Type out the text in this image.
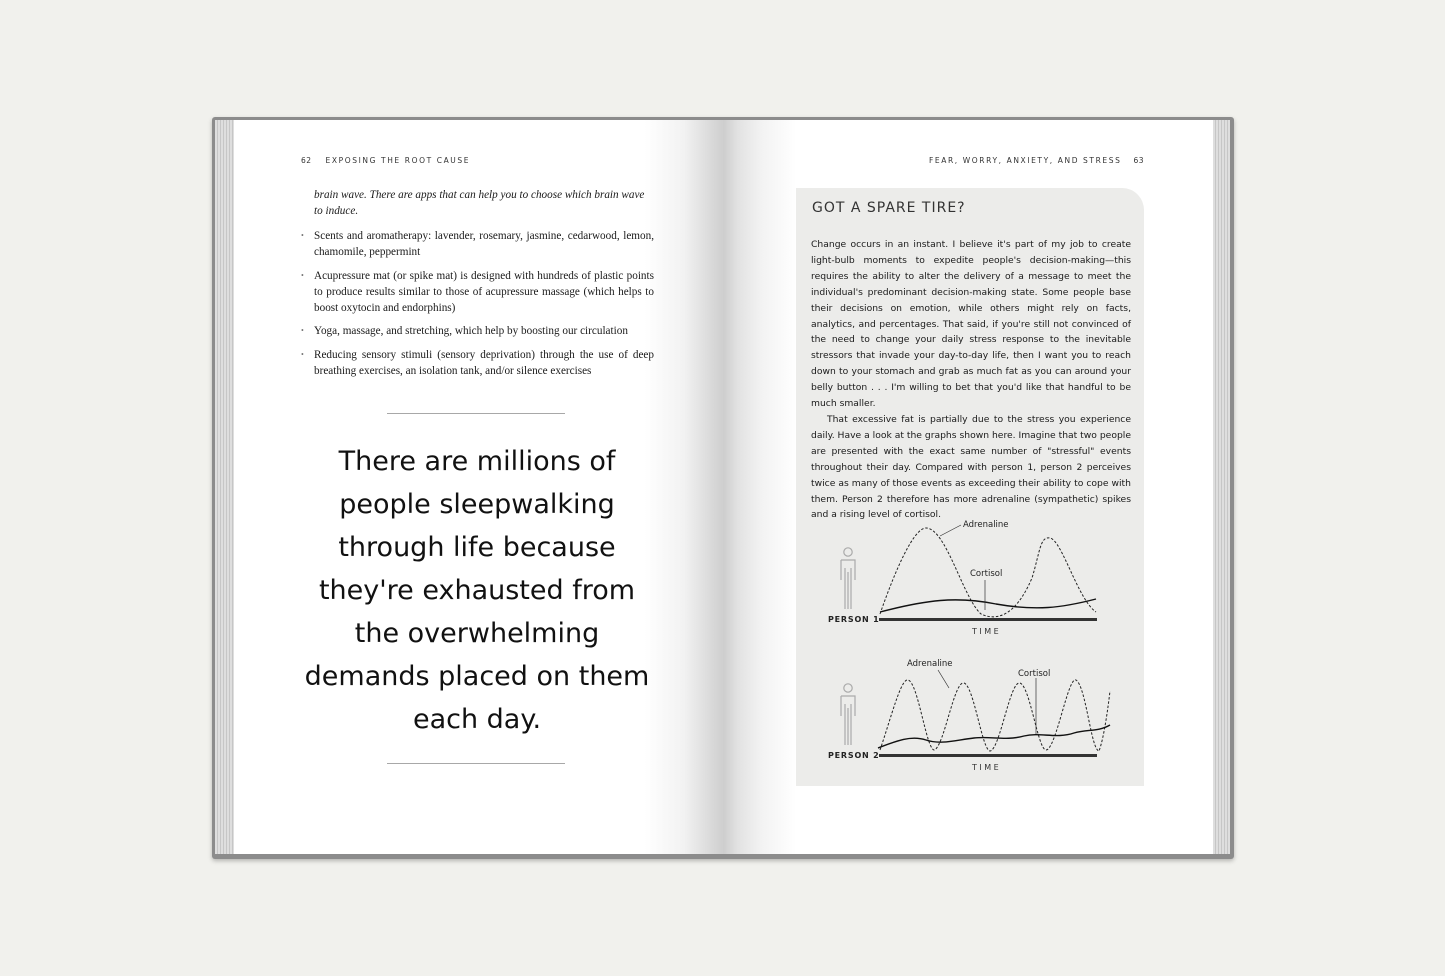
62 EXPOSING THE ROOT CAUSE

brain wave. There are apps that can help you to choose which brain wave to induce.

• Scents and aromatherapy: lavender, rosemary, jasmine, cedarwood, lemon, chamomile, peppermint
• Acupressure mat (or spike mat) is designed with hundreds of plastic points to produce results similar to those of acupressure massage (which helps to boost oxytocin and endorphins)
• Yoga, massage, and stretching, which help by boosting our circulation
• Reducing sensory stimuli (sensory deprivation) through the use of deep breathing exercises, an isolation tank, and/or silence exercises
There are millions of people sleepwalking through life because they're exhausted from the overwhelming demands placed on them each day.
FEAR, WORRY, ANXIETY, AND STRESS 63
GOT A SPARE TIRE?

Change occurs in an instant. I believe it's part of my job to create light-bulb moments to expedite people's decision-making—this requires the ability to alter the delivery of a message to meet the individual's predominant decision-making state. Some people base their decisions on emotion, while others might rely on facts, analytics, and percentages. That said, if you're still not convinced of the need to change your daily stress response to the inevitable stressors that invade your day-to-day life, then I want you to reach down to your stomach and grab as much fat as you can around your belly button . . . I'm willing to bet that you'd like that handful to be much smaller.

That excessive fat is partially due to the stress you experience daily. Have a look at the graphs shown here. Imagine that two people are presented with the exact same number of "stressful" events throughout their day. Compared with person 1, person 2 perceives twice as many of those events as exceeding their ability to cope with them. Person 2 therefore has more adrenaline (sympathetic) spikes and a rising level of cortisol.

Adrenaline
Cortisol
PERSON 1
TIME
Adrenaline
Cortisol
PERSON 2
TIME
